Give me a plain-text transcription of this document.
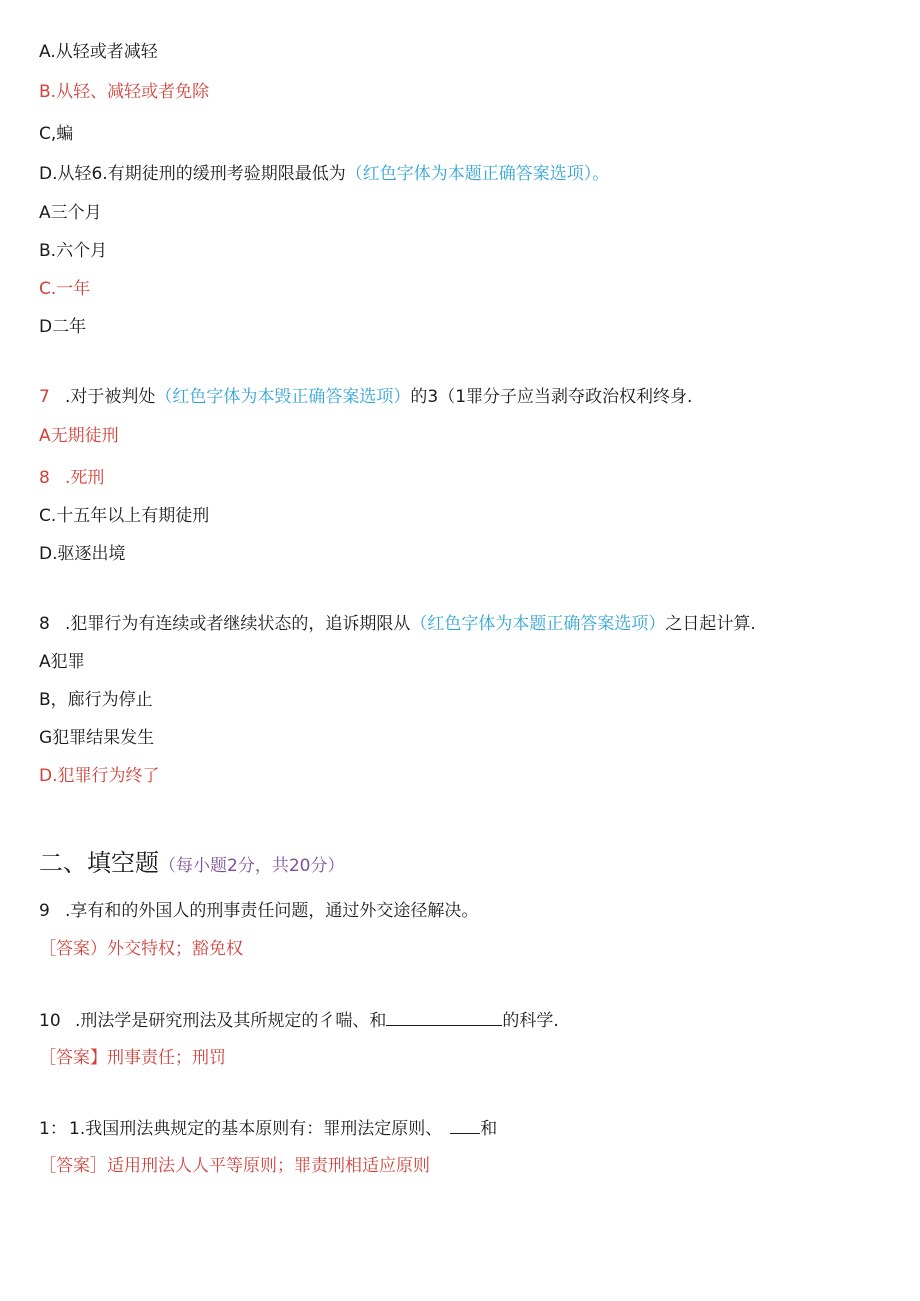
A.从轻或者减轻
B.从轻、减轻或者免除
C,蝙
D.从轻6.有期徒刑的缓刑考验期限最低为（红色字体为本题正确答案选项）。
A三个月
B.六个月
C.一年
D二年
7 .对于被判处（红色字体为本毁正确答案选项）的3（1罪分子应当剥夺政治权利终身.
A无期徒刑
8 .死刑
C.十五年以上有期徒刑
D.驱逐出境
8 .犯罪行为有连续或者继续状态的，追诉期限从（红色字体为本题正确答案选项）之日起计算.
A犯罪
B，廊行为停止
G犯罪结果发生
D.犯罪行为终了
二、填空题（每小题2分，共20分）
9 .享有和的外国人的刑事责任问题，通过外交途径解决。
［答案）外交特权；豁免权
10 .刑法学是研究刑法及其所规定的彳喘、和	的科学.
［答案】刑事责任；刑罚
1： 1.我国刑法典规定的基本原则有：罪刑法定原则、 和
［答案］适用刑法人人平等原则；罪责刑相适应原则
